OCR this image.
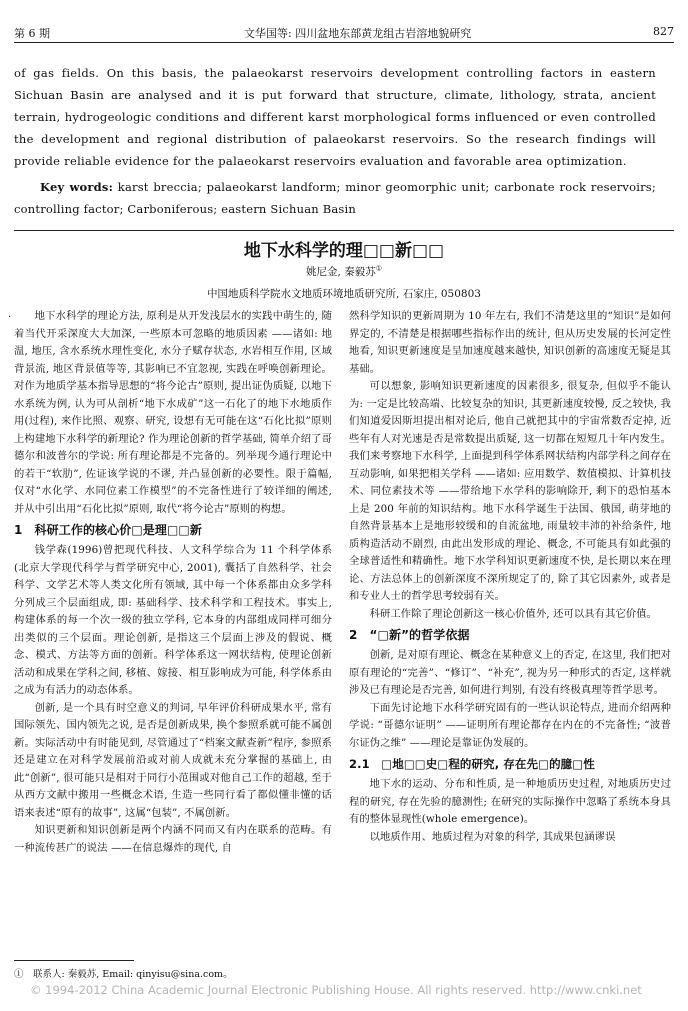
第 6 期	文华国等: 四川盆地东部黄龙组古岩溶地貌研究	827
of gas fields. On this basis, the palaeokarst reservoirs development controlling factors in eastern Sichuan Basin are analysed and it is put forward that structure, climate, lithology, strata, ancient terrain, hydrogeologic conditions and different karst morphological forms influenced or even controlled the development and regional distribution of palaeokarst reservoirs. So the research findings will provide reliable evidence for the palaeokarst reservoirs evaluation and favorable area optimization.
Key words: karst breccia; palaeokarst landform; minor geomorphic unit; carbonate rock reservoirs; controlling factor; Carboniferous; eastern Sichuan Basin
地下水科学的理□□新□□
姚尼金, 秦毅苏①
中国地质科学院水文地质环境地质研究所, 石家庄, 050803
·	地下水科学的理论方法, 原利是从开发浅层水的实践中萌生的, 随着当代开采深度大大加深, 一些原本可忽略的地质因素 ——诸如: 地温, 地压, 含水系统水理性变化, 水分子赋存状态, 水岩相互作用, 区域背景流, 地区背景值等等, 其影响已不宜忽视, 实践在呼唤创新理论。对作为地质学基本指导思想的“将今论古”原则, 提出证伪质疑, 以地下水系统为例, 认为可从剖析“地下水成矿”这一石化了的地下水地质作用(过程), 来作比照、观察、研究, 设想有无可能在这“石化比拟”原则上构建地下水科学的新理论? 作为理论创新的哲学基础, 简单介绍了哥德尔和波普尔的学说: 所有理论都是不完备的。列举现今通行理论中的若干“软肋”, 佐证该学说的不谬, 并凸显创新的必要性。限于篇幅, 仅对“水化学、水同位素工作模型”的不完备性进行了较详细的阐述, 并从中引出用“石化比拟”原则, 取代“将今论古”原则的构想。

1　科研工作的核心价□是理□□新

钱学森(1996)曾把现代科技、人文科学综合为 11 个科学体系(北京大学现代科学与哲学研究中心, 2001), 囊括了自然科学、社会科学、文学艺术等人类文化所有领域, 其中每一个体系都由众多学科分列成三个层面组成, 即: 基础科学、技术科学和工程技术。事实上, 构建体系的每一个次一级的独立学科, 它本身的内部组成同样可细分出类似的三个层面。理论创新, 是指这三个层面上涉及的假说、概念、模式、方法等方面的创新。科学体系这一网状结构, 使理论创新活动和成果在学科之间, 移植、嫁接、相互影响成为可能, 科学体系由之成为有活力的动态体系。

创新, 是一个具有时空意义的判词, 早年评价科研成果水平, 常有国际领先、国内领先之说, 是否是创新成果, 换个参照系就可能不属创新。实际活动中有时能见到, 尽管通过了“档案文献查新”程序, 参照系还是建立在对科学发展前沿或对前人成就未充分掌握的基础上, 由此“创新”, 很可能只是相对于同行小范围或对他自己工作的超越, 至于从西方文献中搬用一些概念术语, 生造一些同行看了都似懂非懂的话语来表述“原有的故事”, 这属“包装”, 不属创新。

知识更新和知识创新是两个内涵不同而又有内在联系的范畴。有一种流传甚广的说法 ——在信息爆炸的现代, 自

然科学知识的更新周期为 10 年左右, 我们不清楚这里的“知识”是如何界定的, 不清楚是根据哪些指标作出的统计, 但从历史发展的长河定性地看, 知识更新速度是呈加速度越来越快, 知识创新的高速度无疑是其基础。

可以想象, 影响知识更新速度的因素很多, 很复杂, 但似乎不能认为: 一定是比较高端、比较复杂的知识, 其更新速度较慢, 反之较快, 我们知道爱因斯坦提出相对论后, 他自己就把其中的宇宙常数否定掉, 近些年有人对光速是否是常数提出质疑, 这一切都在短短几十年内发生。我们来考察地下水科学, 上面提到科学体系网状结构内部学科之间存在互动影响, 如果把相关学科 ——诸如: 应用数学、数值模拟、计算机技术、同位素技术等 ——带给地下水学科的影响除开, 剩下的恐怕基本上是 200 年前的知识结构。地下水科学诞生于法国、俄国, 萌芽地的自然背景基本上是地形较缓和的自流盆地, 雨量较丰沛的补给条件, 地质构造活动不剧烈, 由此出发形成的理论、概念, 不可能具有如此强的全球普适性和精确性。地下水学科知识更新速度不快, 是长期以来在理论、方法总体上的创新深度不深所规定了的, 除了其它因素外, 或者是和专业人士的哲学思考较弱有关。

科研工作除了理论创新这一核心价值外, 还可以具有其它价值。

2　“□新”的哲学依据

创新, 是对原有理论、概念在某种意义上的否定, 在这里, 我们把对原有理论的“完善”、“修订”、“补充”, 视为另一种形式的否定, 这样就涉及已有理论是否完善, 如何进行判别, 有没有终极真理等哲学思考。

下面先讨论地下水科学研究固有的一些认识论特点, 进而介绍两种学说: “哥德尔证明” ——证明所有理论都存在内在的不完备性; “波普尔证伪之维” ——理论是靠证伪发展的。

2.1　□地□□史□程的研究, 存在先□的臆□性

地下水的运动、分布和性质, 是一种地质历史过程, 对地质历史过程的研究, 存在先验的臆测性; 在研究的实际操作中忽略了系统本身具有的整体显现性(whole emergence)。

以地质作用、地质过程为对象的科学, 其成果包涵谬误

①　联系人: 秦毅苏, Email: qinyisu@sina.com。
© 1994-2012 China Academic Journal Electronic Publishing House. All rights reserved. http://www.cnki.net
